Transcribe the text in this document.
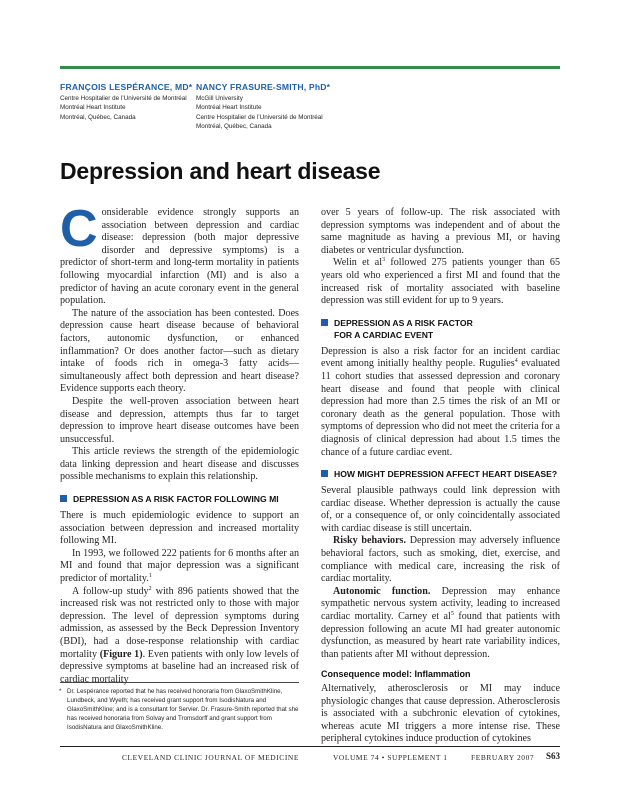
FRANÇOIS LESPÉRANCE, MD*
Centre Hospitalier de l’Université de Montréal
Montréal Heart Institute
Montréal, Québec, Canada
NANCY FRASURE-SMITH, PhD*
McGill University
Montréal Heart Institute
Centre Hospitalier de l’Université de Montréal
Montréal, Québec, Canada
Depression and heart disease

Considerable evidence strongly supports an association between depression and cardiac disease: depression (both major depressive disorder and depressive symptoms) is a predictor of short-term and long-term mortality in patients following myocardial infarction (MI) and is also a predictor of having an acute coronary event in the general population.

The nature of the association has been contested. Does depression cause heart disease because of behavioral factors, autonomic dysfunction, or enhanced inflammation? Or does another factor—such as dietary intake of foods rich in omega-3 fatty acids—simultaneously affect both depression and heart disease? Evidence supports each theory.

Despite the well-proven association between heart disease and depression, attempts thus far to target depression to improve heart disease outcomes have been unsuccessful.

This article reviews the strength of the epidemiologic data linking depression and heart disease and discusses possible mechanisms to explain this relationship.

DEPRESSION AS A RISK FACTOR FOLLOWING MI

There is much epidemiologic evidence to support an association between depression and increased mortality following MI.

In 1993, we followed 222 patients for 6 months after an MI and found that major depression was a significant predictor of mortality.$^1$

A follow-up study$^2$ with 896 patients showed that the increased risk was not restricted only to those with major depression. The level of depression symptoms during admission, as assessed by the Beck Depression Inventory (BDI), had a dose-response relationship with cardiac mortality (Figure 1). Even patients with only low levels of depressive symptoms at baseline had an increased risk of cardiac mortality

over 5 years of follow-up. The risk associated with depression symptoms was independent and of about the same magnitude as having a previous MI, or having diabetes or ventricular dysfunction.

Welin et $al^3$ followed 275 patients younger than 65 years old who experienced a first MI and found that the increased risk of mortality associated with baseline depression was still evident for up to 9 years.

DEPRESSION AS A RISK FACTOR
FOR A CARDIAC EVENT

Depression is also a risk factor for an incident cardiac event among initially healthy people. Rugulies$^4$ evaluated 11 cohort studies that assessed depression and coronary heart disease and found that people with clinical depression had more than 2.5 times the risk of an MI or coronary death as the general population. Those with symptoms of depression who did not meet the criteria for a diagnosis of clinical depression had about 1.5 times the chance of a future cardiac event.

HOW MIGHT DEPRESSION AFFECT HEART DISEASE?

Several plausible pathways could link depression with cardiac disease. Whether depression is actually the cause of, or a consequence of, or only coincidentally associated with cardiac disease is still uncertain.

Risky behaviors. Depression may adversely influence behavioral factors, such as smoking, diet, exercise, and compliance with medical care, increasing the risk of cardiac mortality.

Autonomic function. Depression may enhance sympathetic nervous system activity, leading to increased cardiac mortality. Carney et $al^5$ found that patients with depression following an acute MI had greater autonomic dysfunction, as measured by heart rate variability indices, than patients after MI without depression.

Consequence model: Inflammation

Alternatively, atherosclerosis or MI may induce physiologic changes that cause depression. Atherosclerosis is associated with a subchronic elevation of cytokines, whereas acute MI triggers a more intense rise. These peripheral cytokines induce production of cytokines

* Dr. Lespérance reported that he has received honoraria from GlaxoSmithKline, Lundbeck, and Wyeth; has received grant support from IsodisNatura and GlaxoSmithKline; and is a consultant for Servier. Dr. Frasure-Smith reported that she has received honoraria from Solvay and Tromsdorff and grant support from IsodisNatura and GlaxoSmithKline.
CLEVELAND CLINIC JOURNAL OF MEDICINE	VOLUME 74 • SUPPLEMENT 1	FEBRUARY 2007 S63
